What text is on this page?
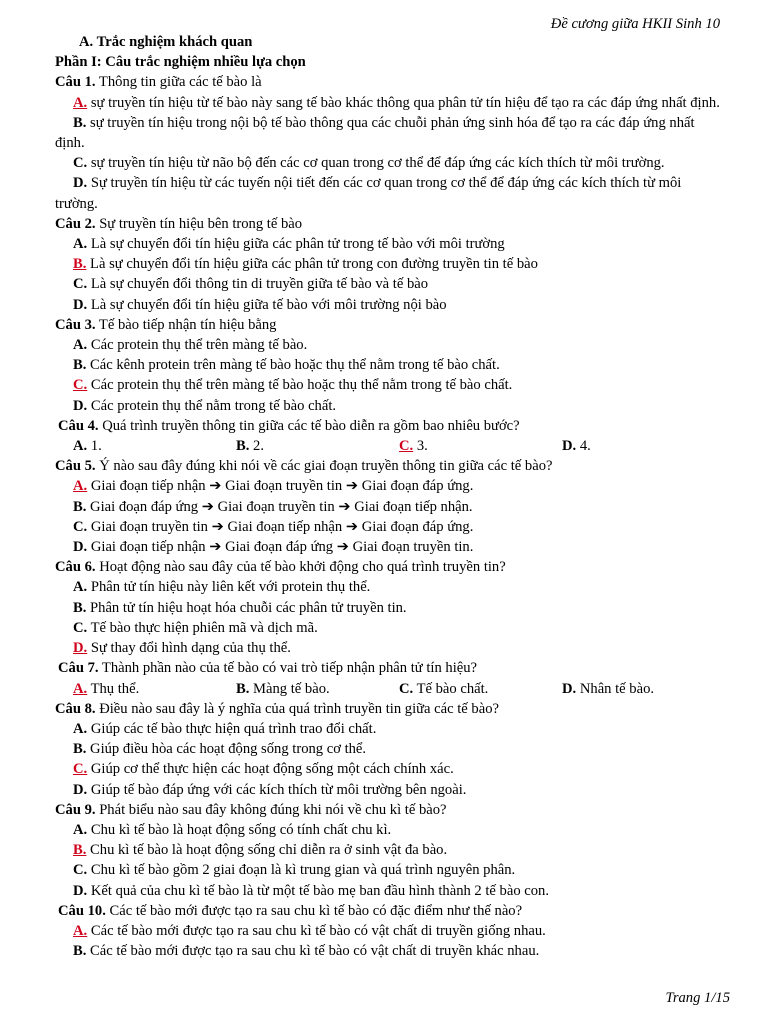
Đề cương giữa HKII Sinh 10
A. Trắc nghiệm khách quan
Phần I: Câu trắc nghiệm nhiều lựa chọn
Câu 1. Thông tin giữa các tế bào là
A. sự truyền tín hiệu từ tế bào này sang tế bào khác thông qua phân tử tín hiệu để tạo ra các đáp ứng nhất định.
B. sự truyền tín hiệu trong nội bộ tế bào thông qua các chuỗi phản ứng sinh hóa để tạo ra các đáp ứng nhất định.
C. sự truyền tín hiệu từ não bộ đến các cơ quan trong cơ thể để đáp ứng các kích thích từ môi trường.
D. Sự truyền tín hiệu từ các tuyến nội tiết đến các cơ quan trong cơ thể để đáp ứng các kích thích từ môi trường.
Câu 2. Sự truyền tín hiệu bên trong tế bào
A. Là sự chuyển đổi tín hiệu giữa các phân tử trong tế bào với môi trường
B. Là sự chuyển đổi tín hiệu giữa các phân tử trong con đường truyền tin tế bào
C. Là sự chuyển đổi thông tin di truyền giữa tế bào và tế bào
D. Là sự chuyển đổi tín hiệu giữa tế bào với môi trường nội bào
Câu 3. Tế bào tiếp nhận tín hiệu bằng
A. Các protein thụ thể trên màng tế bào.
B. Các kênh protein trên màng tế bào hoặc thụ thể nằm trong tế bào chất.
C. Các protein thụ thể trên màng tế bào hoặc thụ thể nằm trong tế bào chất.
D. Các protein thụ thể nằm trong tế bào chất.
Câu 4. Quá trình truyền thông tin giữa các tế bào diễn ra gồm bao nhiêu bước?
A. 1.	B. 2.	C. 3.	D. 4.
Câu 5. Ý nào sau đây đúng khi nói về các giai đoạn truyền thông tin giữa các tế bào?
A. Giai đoạn tiếp nhận ➔ Giai đoạn truyền tin ➔ Giai đoạn đáp ứng.
B. Giai đoạn đáp ứng ➔ Giai đoạn truyền tin ➔ Giai đoạn tiếp nhận.
C. Giai đoạn truyền tin ➔ Giai đoạn tiếp nhận ➔ Giai đoạn đáp ứng.
D. Giai đoạn tiếp nhận ➔ Giai đoạn đáp ứng ➔ Giai đoạn truyền tin.
Câu 6. Hoạt động nào sau đây của tế bào khởi động cho quá trình truyền tin?
A. Phân tử tín hiệu này liên kết với protein thụ thể.
B. Phân tử tín hiệu hoạt hóa chuỗi các phân tử truyền tin.
C. Tế bào thực hiện phiên mã và dịch mã.
D. Sự thay đổi hình dạng của thụ thể.
Câu 7. Thành phần nào của tế bào có vai trò tiếp nhận phân tử tín hiệu?
A. Thụ thể.	B. Màng tế bào.	C. Tế bào chất.	D. Nhân tế bào.
Câu 8. Điều nào sau đây là ý nghĩa của quá trình truyền tin giữa các tế bào?
A. Giúp các tế bào thực hiện quá trình trao đổi chất.
B. Giúp điều hòa các hoạt động sống trong cơ thể.
C. Giúp cơ thể thực hiện các hoạt động sống một cách chính xác.
D. Giúp tế bào đáp ứng với các kích thích từ môi trường bên ngoài.
Câu 9. Phát biểu nào sau đây không đúng khi nói về chu kì tế bào?
A. Chu kì tế bào là hoạt động sống có tính chất chu kì.
B. Chu kì tế bào là hoạt động sống chỉ diễn ra ở sinh vật đa bào.
C. Chu kì tế bào gồm 2 giai đoạn là kì trung gian và quá trình nguyên phân.
D. Kết quả của chu kì tế bào là từ một tế bào mẹ ban đầu hình thành 2 tế bào con.
Câu 10. Các tế bào mới được tạo ra sau chu kì tế bào có đặc điểm như thế nào?
A. Các tế bào mới được tạo ra sau chu kì tế bào có vật chất di truyền giống nhau.
B. Các tế bào mới được tạo ra sau chu kì tế bào có vật chất di truyền khác nhau.
Trang 1/15
